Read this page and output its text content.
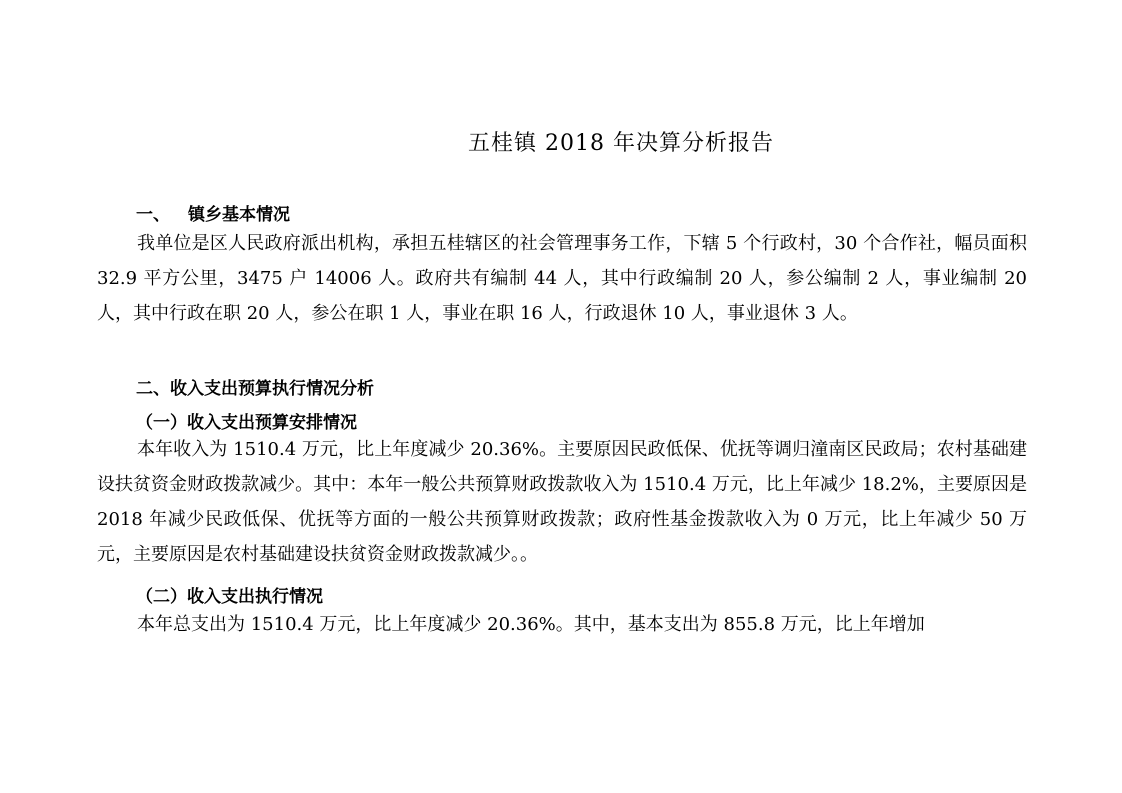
五桂镇 2018 年决算分析报告
一、 镇乡基本情况

我单位是区人民政府派出机构，承担五桂辖区的社会管理事务工作，下辖 5 个行政村，30 个合作社，幅员面积 32.9 平方公里，3475 户 14006 人。政府共有编制 44 人，其中行政编制 20 人，参公编制 2 人，事业编制 20 人，其中行政在职 20 人，参公在职 1 人，事业在职 16 人，行政退休 10 人，事业退休 3 人。

二、收入支出预算执行情况分析
（一）收入支出预算安排情况

本年收入为 1510.4 万元，比上年度减少 20.36%。主要原因民政低保、优抚等调归潼南区民政局；农村基础建设扶贫资金财政拨款减少。其中：本年一般公共预算财政拨款收入为 1510.4 万元，比上年减少 18.2%，主要原因是 2018 年减少民政低保、优抚等方面的一般公共预算财政拨款；政府性基金拨款收入为 0 万元，比上年减少 50 万元，主要原因是农村基础建设扶贫资金财政拨款减少。。

（二）收入支出执行情况

本年总支出为 1510.4 万元，比上年度减少 20.36%。其中，基本支出为 855.8 万元，比上年增加
